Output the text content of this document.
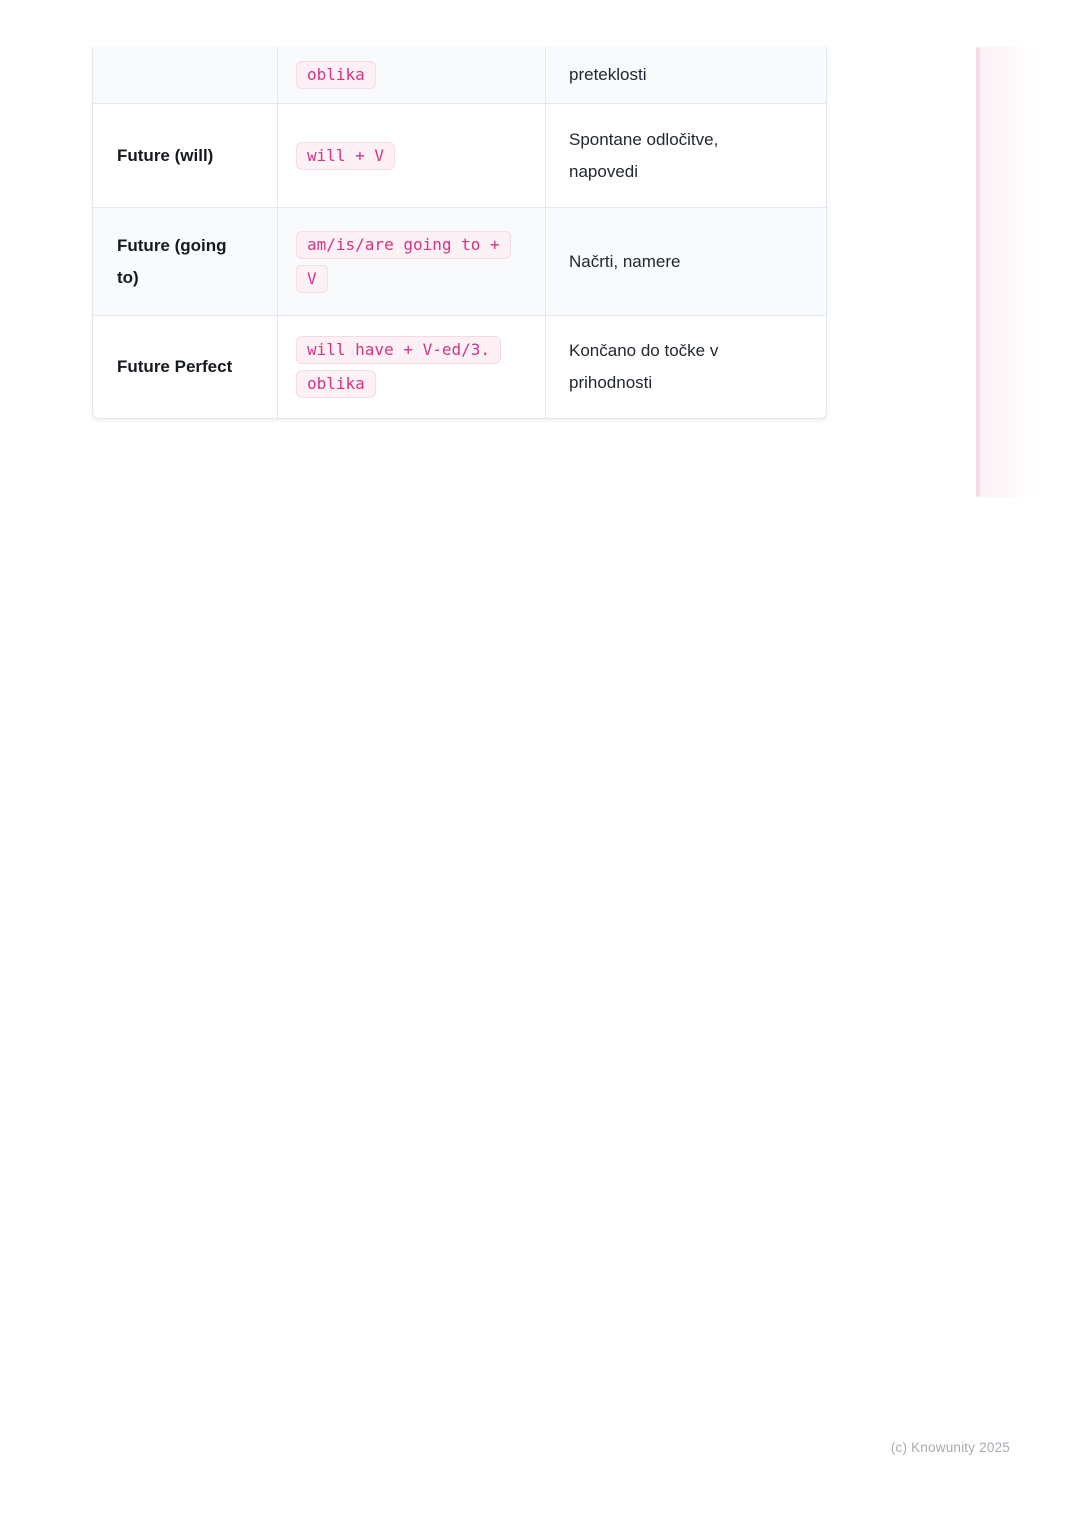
oblika	preteklosti
Future (will)	will + V
Spontane odločitve, napovedi
Future (going to)
am/is/are going to +
V
Načrti, namere
Future Perfect
will have + V-ed/3.
oblika
Končano do točke v prihodnosti
(c) Knowunity 2025
